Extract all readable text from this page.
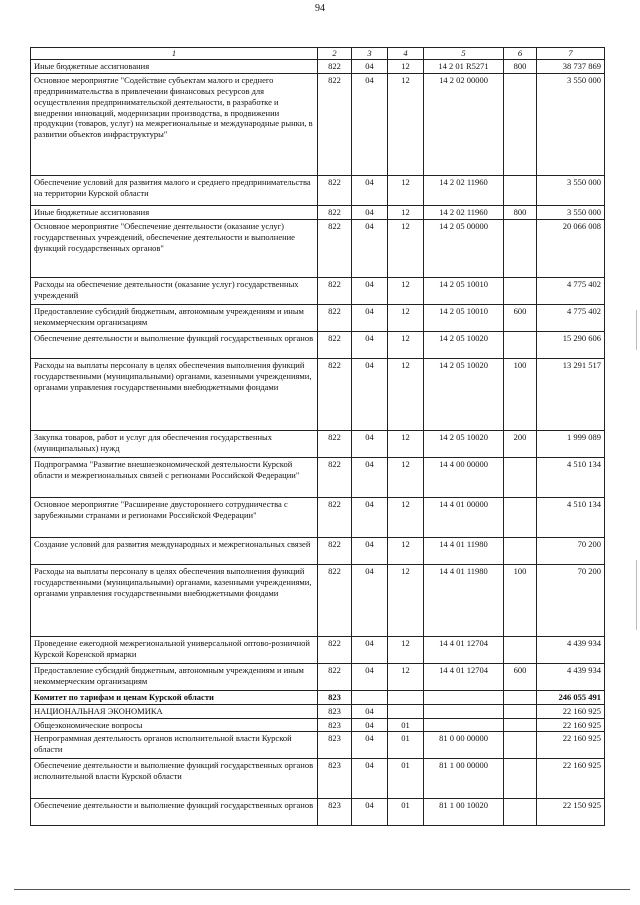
94
1	2	3	4	5	6	7
Иные бюджетные ассигнования	822	04	12	14 2 01 R5271	800	38 737 869
Основное мероприятие "Содействие субъектам малого и среднего предпринимательства в привлечении финансовых ресурсов для осуществления предпринимательской деятельности, в разработке и внедрении инноваций, модернизации производства, в продвижении продукции (товаров, услуг) на межрегиональные и международные рынки, в развитии объектов инфраструктуры"	822	04	12	14 2 02 00000		3 550 000
Обеспечение условий для развития малого и среднего предпринимательства на территории Курской области	822	04	12	14 2 02 11960		3 550 000
Иные бюджетные ассигнования	822	04	12	14 2 02 11960	800	3 550 000
Основное мероприятие "Обеспечение деятельности (оказание услуг) государственных учреждений, обеспечение деятельности и выполнение функций государственных органов"	822	04	12	14 2 05 00000		20 066 008
Расходы на обеспечение деятельности (оказание услуг) государственных учреждений	822	04	12	14 2 05 10010		4 775 402
Предоставление субсидий бюджетным, автономным учреждениям и иным некоммерческим организациям	822	04	12	14 2 05 10010	600	4 775 402
Обеспечение деятельности и выполнение функций государственных органов	822	04	12	14 2 05 10020		15 290 606
Расходы на выплаты персоналу в целях обеспечения выполнения функций государственными (муниципальными) органами, казенными учреждениями, органами управления государственными внебюджетными фондами	822	04	12	14 2 05 10020	100	13 291 517
Закупка товаров, работ и услуг для обеспечения государственных (муниципальных) нужд	822	04	12	14 2 05 10020	200	1 999 089
Подпрограмма "Развитие внешнеэкономической деятельности Курской области и межрегиональных связей с регионами Российской Федерации"	822	04	12	14 4 00 00000		4 510 134
Основное мероприятие "Расширение двустороннего сотрудничества с зарубежными странами и регионами Российской Федерации"	822	04	12	14 4 01 00000		4 510 134
Создание условий для развития международных и межрегиональных связей	822	04	12	14 4 01 11980		70 200
Расходы на выплаты персоналу в целях обеспечения выполнения функций государственными (муниципальными) органами, казенными учреждениями, органами управления государственными внебюджетными фондами	822	04	12	14 4 01 11980	100	70 200
Проведение ежегодной межрегиональной универсальной оптово-розничной Курской Коренской ярмарки	822	04	12	14 4 01 12704		4 439 934
Предоставление субсидий бюджетным, автономным учреждениям и иным некоммерческим организациям	822	04	12	14 4 01 12704	600	4 439 934
Комитет по тарифам и ценам Курской области	823					246 055 491
НАЦИОНАЛЬНАЯ ЭКОНОМИКА	823	04				22 160 925
Общеэкономические вопросы	823	04	01			22 160 925
Непрограммная деятельность органов исполнительной власти Курской области	823	04	01	81 0 00 00000		22 160 925
Обеспечение деятельности и выполнение функций государственных органов исполнительной власти Курской области	823	04	01	81 1 00 00000		22 160 925
Обеспечение деятельности и выполнение функций государственных органов	823	04	01	81 1 00 10020		22 150 925
